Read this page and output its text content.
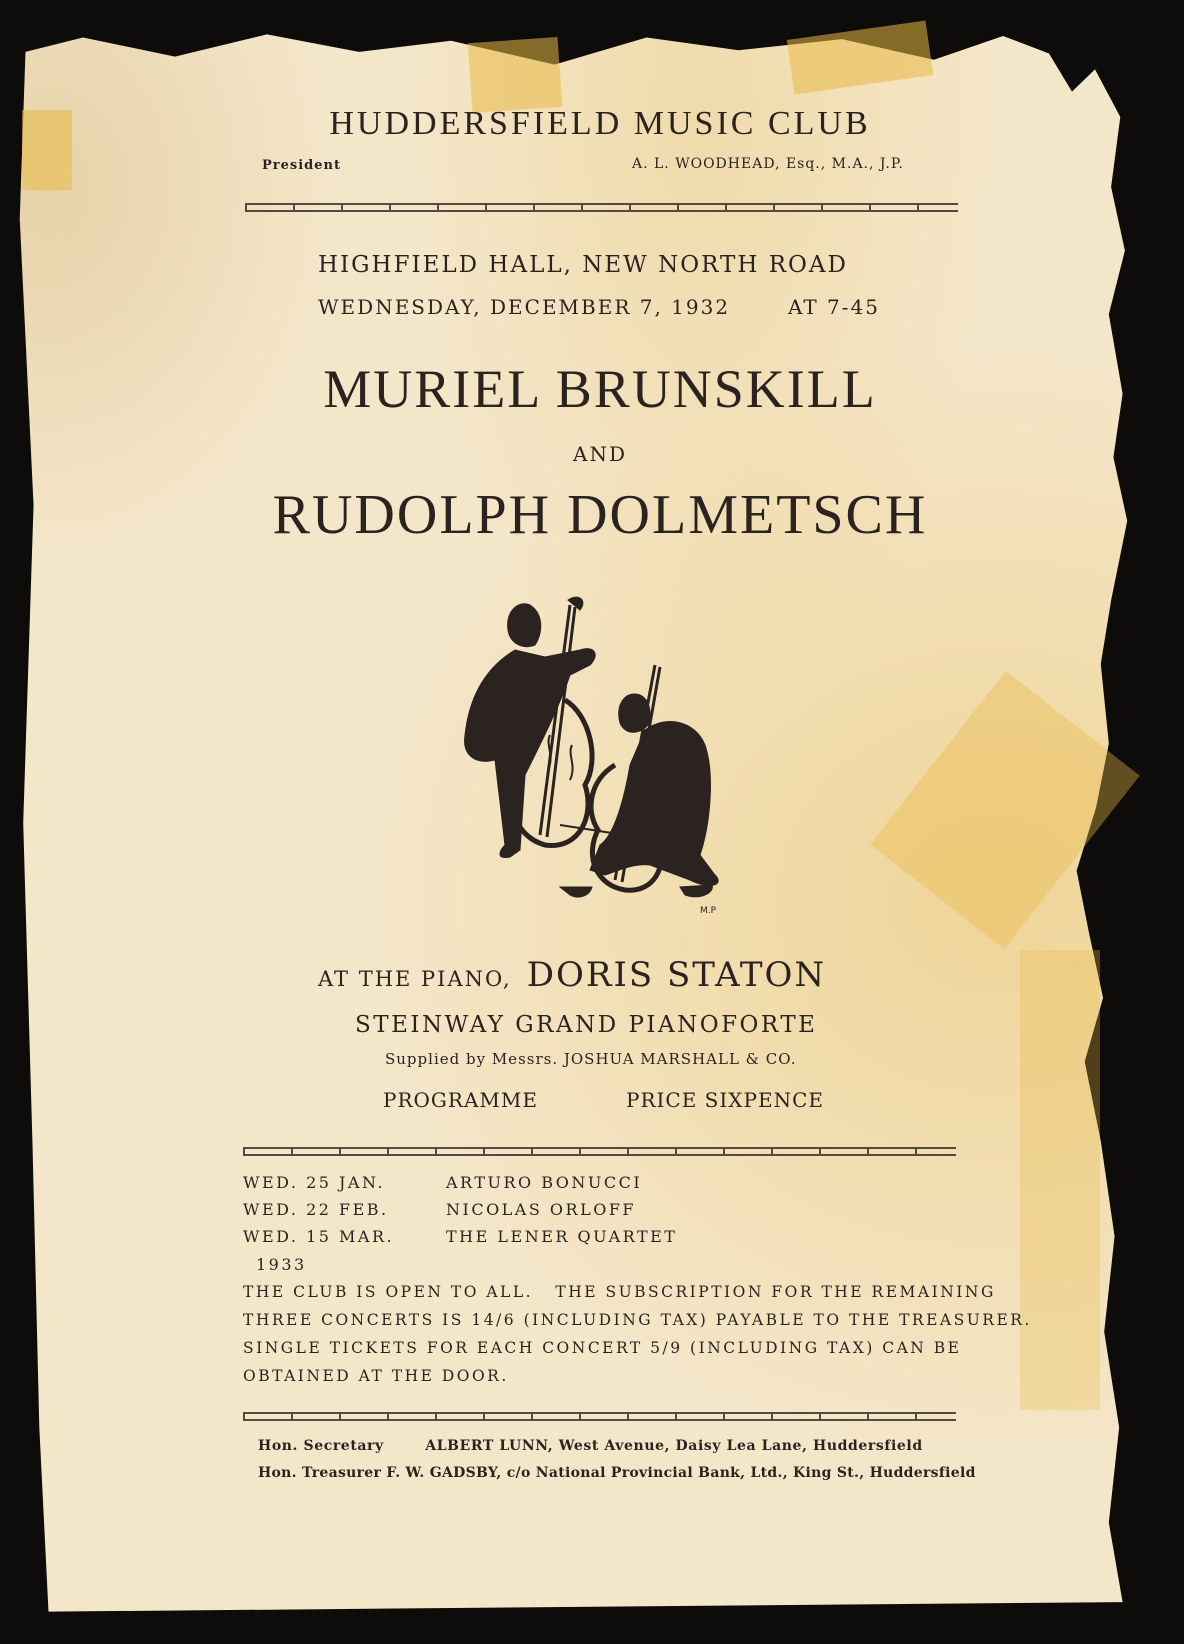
HUDDERSFIELD MUSIC CLUB
President	A. L. WOODHEAD, Esq., M.A., J.P.
HIGHFIELD HALL, NEW NORTH ROAD
WEDNESDAY, DECEMBER 7, 1932	AT 7-45
MURIEL BRUNSKILL
AND
RUDOLPH DOLMETSCH
M.P
AT THE PIANO, DORIS STATON
STEINWAY GRAND PIANOFORTE
Supplied by Messrs. JOSHUA MARSHALL & CO.
PROGRAMME	PRICE SIXPENCE
WED. 25 JAN.	ARTURO BONUCCI
WED. 22 FEB.	NICOLAS ORLOFF
WED. 15 MAR.	THE LENER QUARTET
1933
THE CLUB IS OPEN TO ALL.   THE SUBSCRIPTION FOR THE REMAINING
THREE CONCERTS IS 14/6 (INCLUDING TAX) PAYABLE TO THE TREASURER.
SINGLE TICKETS FOR EACH CONCERT 5/9 (INCLUDING TAX) CAN BE
OBTAINED AT THE DOOR.
Hon. Secretary	ALBERT LUNN, West Avenue, Daisy Lea Lane, Huddersfield
Hon. Treasurer F. W. GADSBY, c/o National Provincial Bank, Ltd., King St., Huddersfield
